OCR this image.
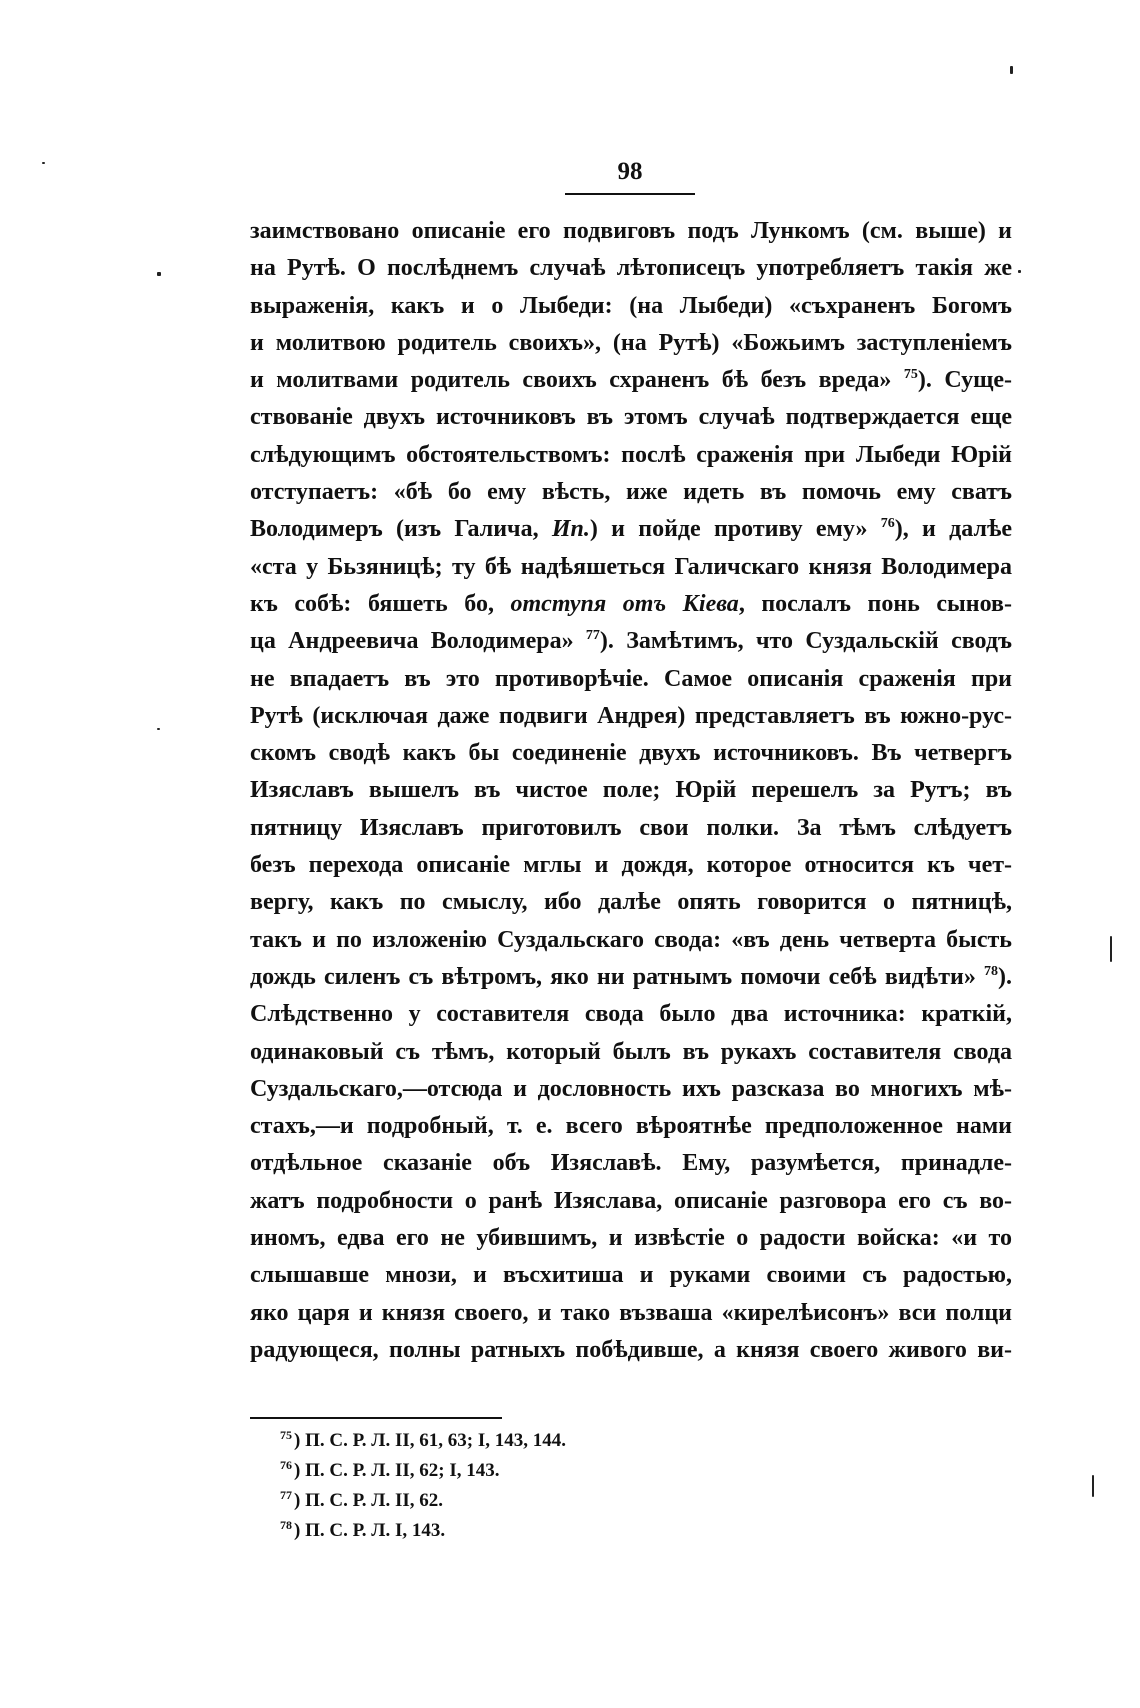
98
заимствовано описанiе его подвиговъ подъ Лункомъ (см. выше) и
на Рутѣ. О послѣднемъ случаѣ лѣтописецъ употребляетъ такiя же
выраженiя, какъ и о Лыбеди: (на Лыбеди) «съхраненъ Богомъ
и молитвою родитель своихъ», (на Рутѣ) «Божьимъ заступленiемъ
и молитвами родитель своихъ схраненъ бѣ безъ вреда» $^{75}$). Суще-
ствованiе двухъ источниковъ въ этомъ случаѣ подтверждается еще
слѣдующимъ обстоятельствомъ: послѣ сраженiя при Лыбеди Юрiй
отступаетъ: «бѣ бо ему вѣсть, иже идеть въ помочь ему сватъ
Володимеръ (изъ Галича, Ип.) и пойде противу ему» $^{76}$), и далѣе
«ста у Бьзяницѣ; ту бѣ надѣяшеться Галичскаго князя Володимера
къ собѣ: бяшеть бо, отступя отъ Кiева, послалъ понь сынов-
ца Андреевича Володимера» $^{77}$). Замѣтимъ, что Суздальскiй сводъ
не впадаетъ въ это противорѣчiе. Самое описанiя сраженiя при
Рутѣ (исключая даже подвиги Андрея) представляетъ въ южно-рус-
скомъ сводѣ какъ бы соединенiе двухъ источниковъ. Въ четвергъ
Изяславъ вышелъ въ чистое поле; Юрiй перешелъ за Рутъ; въ
пятницу Изяславъ приготовилъ свои полки. За тѣмъ слѣдуетъ
безъ перехода описанiе мглы и дождя, которое относится къ чет-
вергу, какъ по смыслу, ибо далѣе опять говорится о пятницѣ,
такъ и по изложенiю Суздальскаго свода: «въ день четверта бысть
дождь силенъ съ вѣтромъ, яко ни ратнымъ помочи себѣ видѣти» $^{78}$).
Слѣдственно у составителя свода было два источника: краткiй,
одинаковый съ тѣмъ, который былъ въ рукахъ составителя свода
Суздальскаго,—отсюда и дословность ихъ разсказа во многихъ мѣ-
стахъ,—и подробный, т. е. всего вѣроятнѣе предположенное нами
отдѣльное сказанiе объ Изяславѣ. Ему, разумѣется, принадле-
жатъ подробности о ранѣ Изяслава, описанiе разговора его съ во-
иномъ, едва его не убившимъ, и извѣстiе о радости войска: «и то
слышавше мнози, и въсхитиша и руками своими съ радостью,
яко царя и князя своего, и тако възваша «кирелѣисонъ» вси полци
радующеся, полны ратныхъ побѣдивше, а князя своего живого ви-
$^{75}$ ) П. С. Р. Л. II, 61, 63; I, 143, 144.
$^{76}$ ) П. С. Р. Л. II, 62; I, 143.
$^{77}$ ) П. С. Р. Л. II, 62.
$^{78}$ ) П. С. Р. Л. I, 143.
